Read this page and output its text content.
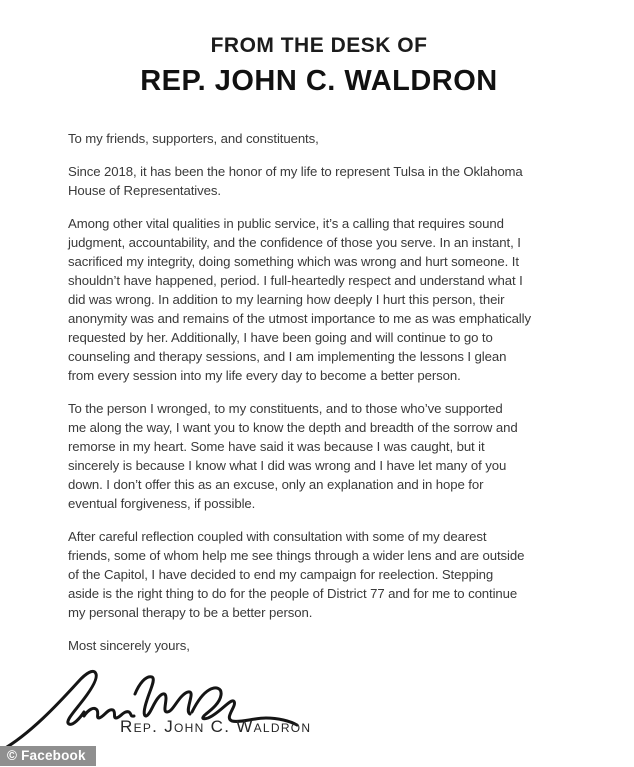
FROM THE DESK OF
REP. JOHN C. WALDRON

To my friends, supporters, and constituents,

Since 2018, it has been the honor of my life to represent Tulsa in the Oklahoma
House of Representatives.
Among other vital qualities in public service, it’s a calling that requires sound
judgment, accountability, and the confidence of those you serve. In an instant, I
sacrificed my integrity, doing something which was wrong and hurt someone. It
shouldn’t have happened, period. I full-heartedly respect and understand what I
did was wrong. In addition to my learning how deeply I hurt this person, their
anonymity was and remains of the utmost importance to me as was emphatically
requested by her. Additionally, I have been going and will continue to go to
counseling and therapy sessions, and I am implementing the lessons I glean
from every session into my life every day to become a better person.
To the person I wronged, to my constituents, and to those who’ve supported
me along the way, I want you to know the depth and breadth of the sorrow and
remorse in my heart. Some have said it was because I was caught, but it
sincerely is because I know what I did was wrong and I have let many of you
down. I don’t offer this as an excuse, only an explanation and in hope for
eventual forgiveness, if possible.
After careful reflection coupled with consultation with some of my dearest
friends, some of whom help me see things through a wider lens and are outside
of the Capitol, I have decided to end my campaign for reelection. Stepping
aside is the right thing to do for the people of District 77 and for me to continue
my personal therapy to be a better person.

Most sincerely yours,

Rep. John C. Waldron
© Facebook
